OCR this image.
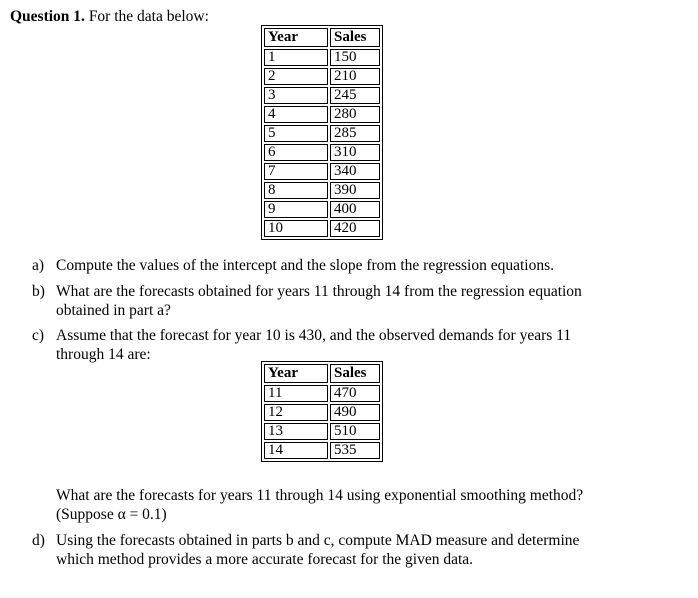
Question 1. For the data below:
Year	Sales
1	150
2	210
3	245
4	280
5	285
6	310
7	340
8	390
9	400
10	420
a) Compute the values of the intercept and the slope from the regression equations.
b) What are the forecasts obtained for years 11 through 14 from the regression equation
obtained in part a?
c) Assume that the forecast for year 10 is 430, and the observed demands for years 11
through 14 are:
Year	Sales
11	470
12	490
13	510
14	535
What are the forecasts for years 11 through 14 using exponential smoothing method?
(Suppose α = 0.1)
d) Using the forecasts obtained in parts b and c, compute MAD measure and determine
which method provides a more accurate forecast for the given data.
